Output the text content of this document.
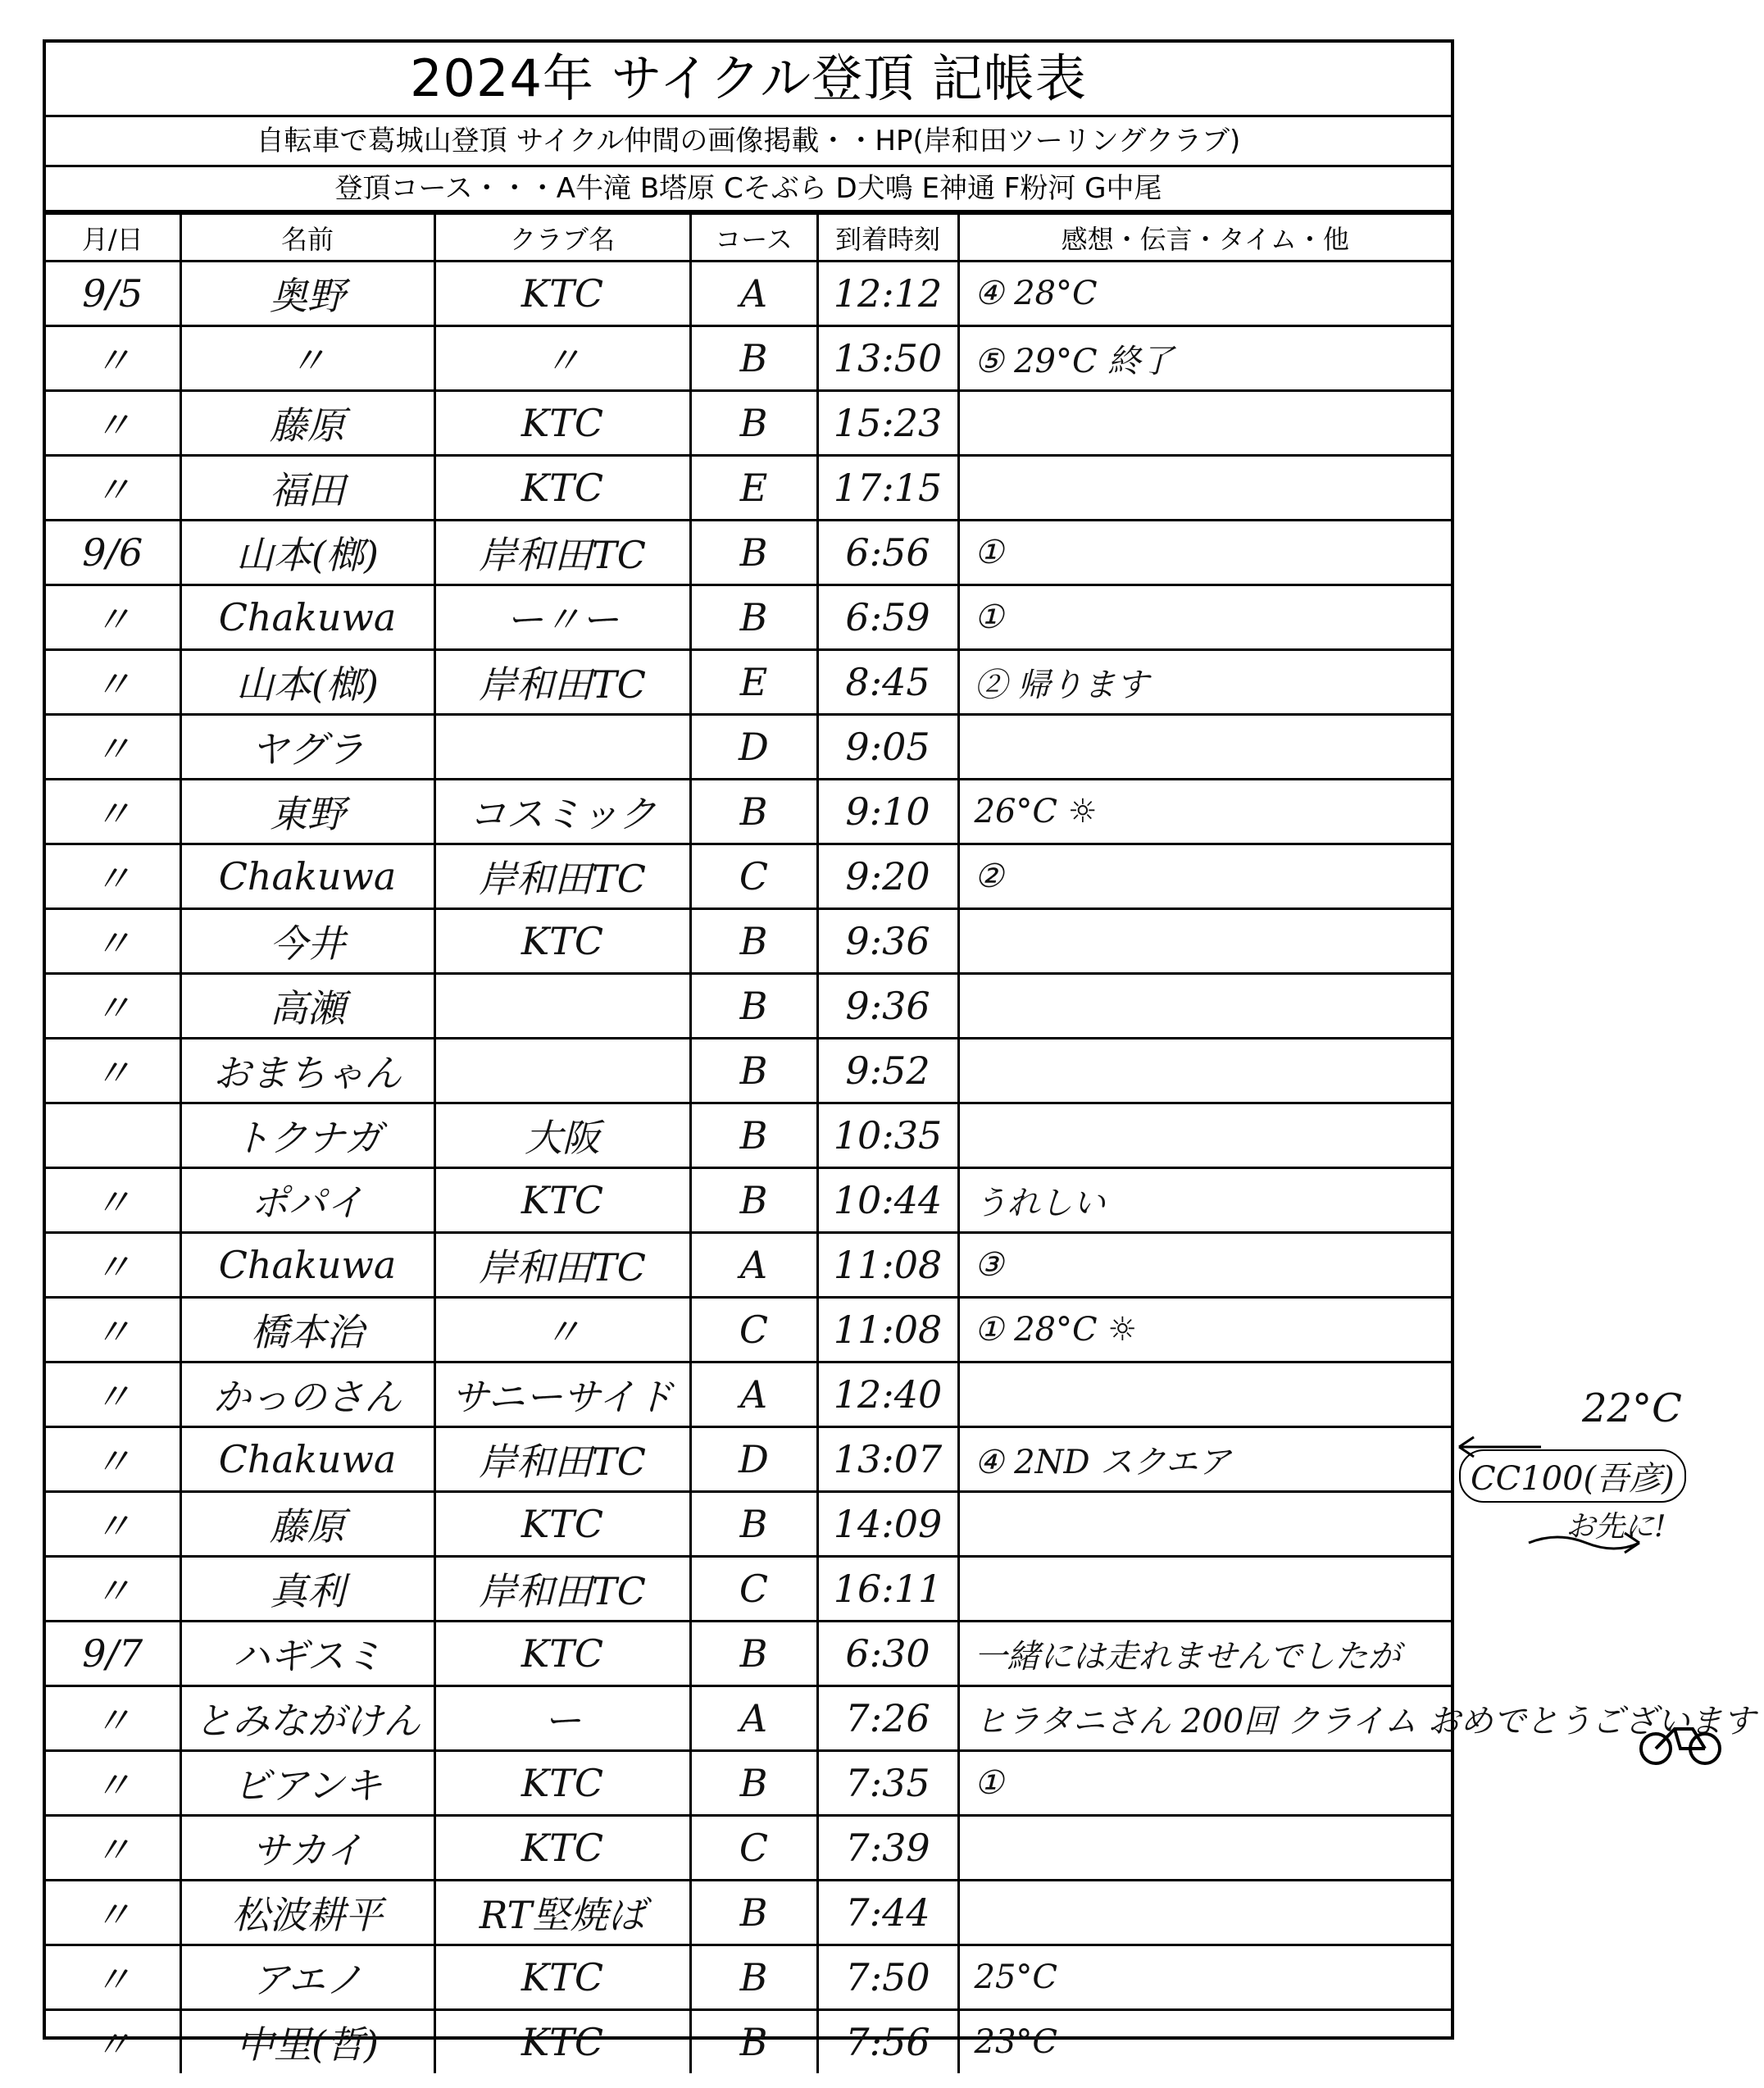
2024年 サイクル登頂 記帳表
自転車で葛城山登頂 サイクル仲間の画像掲載・・HP(岸和田ツーリングクラブ)
登頂コース・・・A牛滝 B塔原 Cそぶら D犬鳴 E神通 F粉河 G中尾
月/日	名前	クラブ名	コース	到着時刻	感想・伝言・タイム・他
9/5	奥野	KTC	A	12:12	④ 28°C
〃	〃	〃	B	13:50	⑤ 29°C 終了
〃	藤原	KTC	B	15:23	
〃	福田	KTC	E	17:15	
9/6	山本(榔)	岸和田TC	B	6:56	①
〃	Chakuwa	ー〃ー	B	6:59	①
〃	山本(榔)	岸和田TC	E	8:45	② 帰ります
〃	ヤグラ		D	9:05	
〃	東野	コスミック	B	9:10	26°C ☼
〃	Chakuwa	岸和田TC	C	9:20	②
〃	今井	KTC	B	9:36	
〃	高瀬		B	9:36	
〃	おまちゃん		B	9:52	
	トクナガ	大阪	B	10:35	
〃	ポパイ	KTC	B	10:44	うれしい
〃	Chakuwa	岸和田TC	A	11:08	③
〃	橋本治	〃	C	11:08	① 28°C ☼
〃	かっのさん	サニーサイド	A	12:40	
〃	Chakuwa	岸和田TC	D	13:07	④ 2ND スクエア
〃	藤原	KTC	B	14:09	
〃	真利	岸和田TC	C	16:11	
9/7	ハギスミ	KTC	B	6:30	一緒には走れませんでしたが
〃	とみながけん	ー	A	7:26	ヒラタニさん 200回 クライム おめでとうございます
〃	ビアンキ	KTC	B	7:35	①
〃	サカイ	KTC	C	7:39	
〃	松波耕平	RT堅焼ば	B	7:44	
〃	アエノ	KTC	B	7:50	25°C
〃	中里(哲)	KTC	B	7:56	23°C
22°C
CC100(吾彦)
お先に!
